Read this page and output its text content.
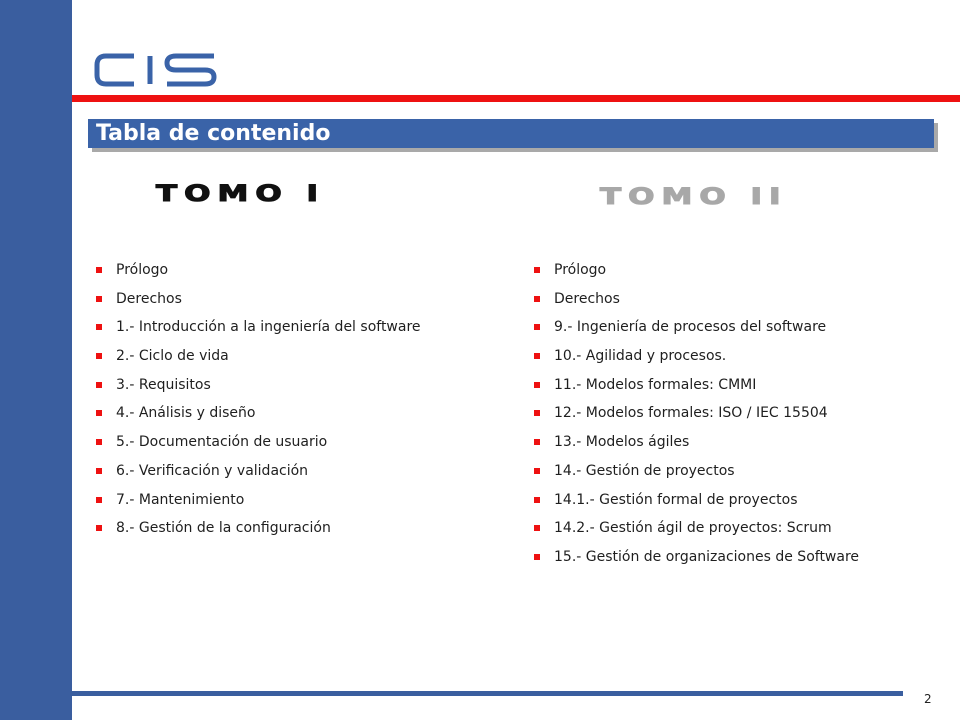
Tabla de contenido
TOMO I	TOMO II
Prólogo
Derechos
1.- Introducción a la ingeniería del software
2.- Ciclo de vida
3.- Requisitos
4.- Análisis y diseño
5.- Documentación de usuario
6.- Verificación y validación
7.- Mantenimiento
8.- Gestión de la configuración
Prólogo
Derechos
9.- Ingeniería de procesos del software
10.- Agilidad y procesos.
11.- Modelos formales: CMMI
12.- Modelos formales: ISO / IEC 15504
13.- Modelos ágiles
14.- Gestión de proyectos
14.1.- Gestión formal de proyectos
14.2.- Gestión ágil de proyectos: Scrum
15.- Gestión de organizaciones de Software
2
